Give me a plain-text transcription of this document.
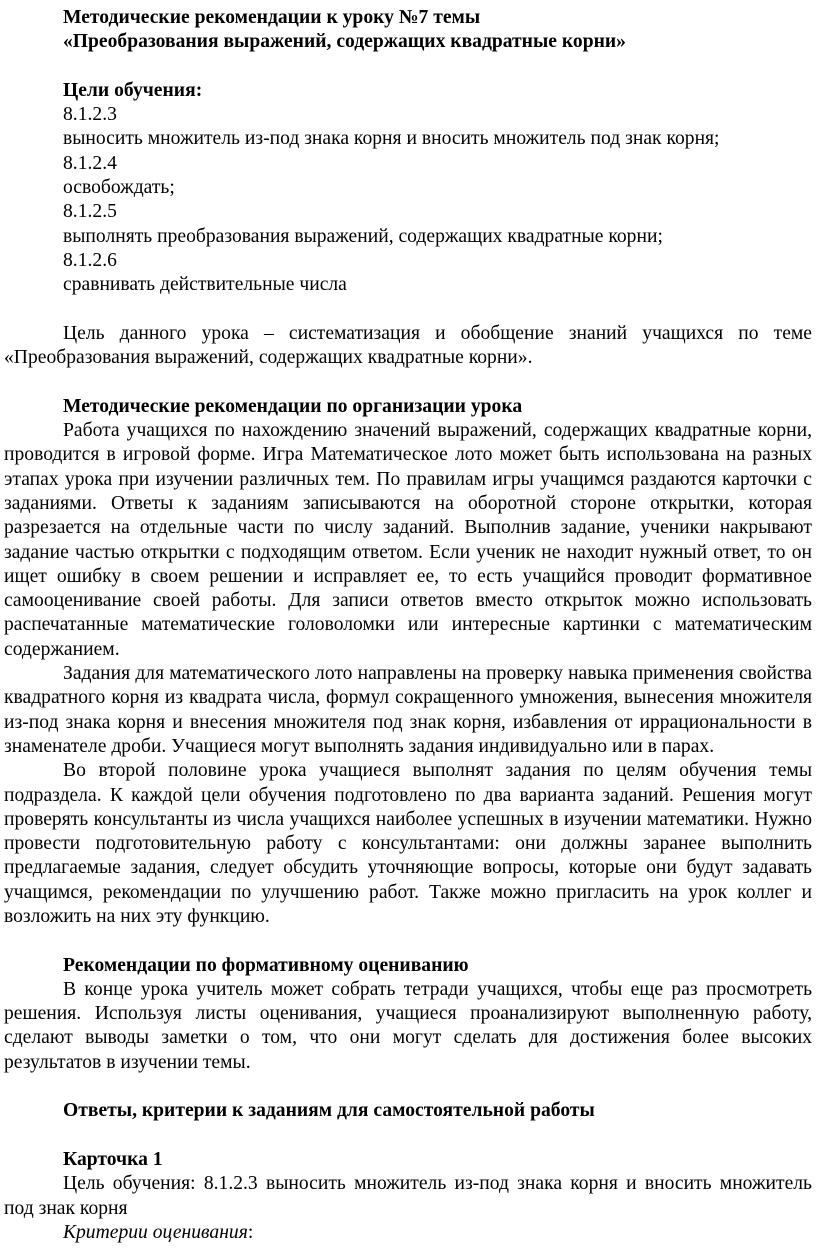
Методические рекомендации к уроку №7 темы

«Преобразования выражений, содержащих квадратные корни»

Цели обучения:

8.1.2.3

выносить множитель из-под знака корня и вносить множитель под знак корня;

8.1.2.4

освобождать;

8.1.2.5

выполнять преобразования выражений, содержащих квадратные корни;

8.1.2.6

сравнивать действительные числа

Цель данного урока – систематизация и обобщение знаний учащихся по теме «Преобразования выражений, содержащих квадратные корни».

Методические рекомендации по организации урока

Работа учащихся по нахождению значений выражений, содержащих квадратные корни, проводится в игровой форме. Игра Математическое лото может быть использована на разных этапах урока при изучении различных тем. По правилам игры учащимся раздаются карточки с заданиями. Ответы к заданиям записываются на оборотной стороне открытки, которая разрезается на отдельные части по числу заданий. Выполнив задание, ученики накрывают задание частью открытки с подходящим ответом. Если ученик не находит нужный ответ, то он ищет ошибку в своем решении и исправляет ее, то есть учащийся проводит формативное самооценивание своей работы. Для записи ответов вместо открыток можно использовать распечатанные математические головоломки или интересные картинки с математическим содержанием.

Задания для математического лото направлены на проверку навыка применения свойства квадратного корня из квадрата числа, формул сокращенного умножения, вынесения множителя из-под знака корня и внесения множителя под знак корня, избавления от иррациональности в знаменателе дроби. Учащиеся могут выполнять задания индивидуально или в парах.

Во второй половине урока учащиеся выполнят задания по целям обучения темы подраздела. К каждой цели обучения подготовлено по два варианта заданий. Решения могут проверять консультанты из числа учащихся наиболее успешных в изучении математики. Нужно провести подготовительную работу с консультантами: они должны заранее выполнить предлагаемые задания, следует обсудить уточняющие вопросы, которые они будут задавать учащимся, рекомендации по улучшению работ. Также можно пригласить на урок коллег и возложить на них эту функцию.

Рекомендации по формативному оцениванию

В конце урока учитель может собрать тетради учащихся, чтобы еще раз просмотреть решения. Используя листы оценивания, учащиеся проанализируют выполненную работу, сделают выводы заметки о том, что они могут сделать для достижения более высоких результатов в изучении темы.

Ответы, критерии к заданиям для самостоятельной работы

Карточка 1

Цель обучения: 8.1.2.3 выносить множитель из-под знака корня и вносить множитель под знак корня

Критерии оценивания:
